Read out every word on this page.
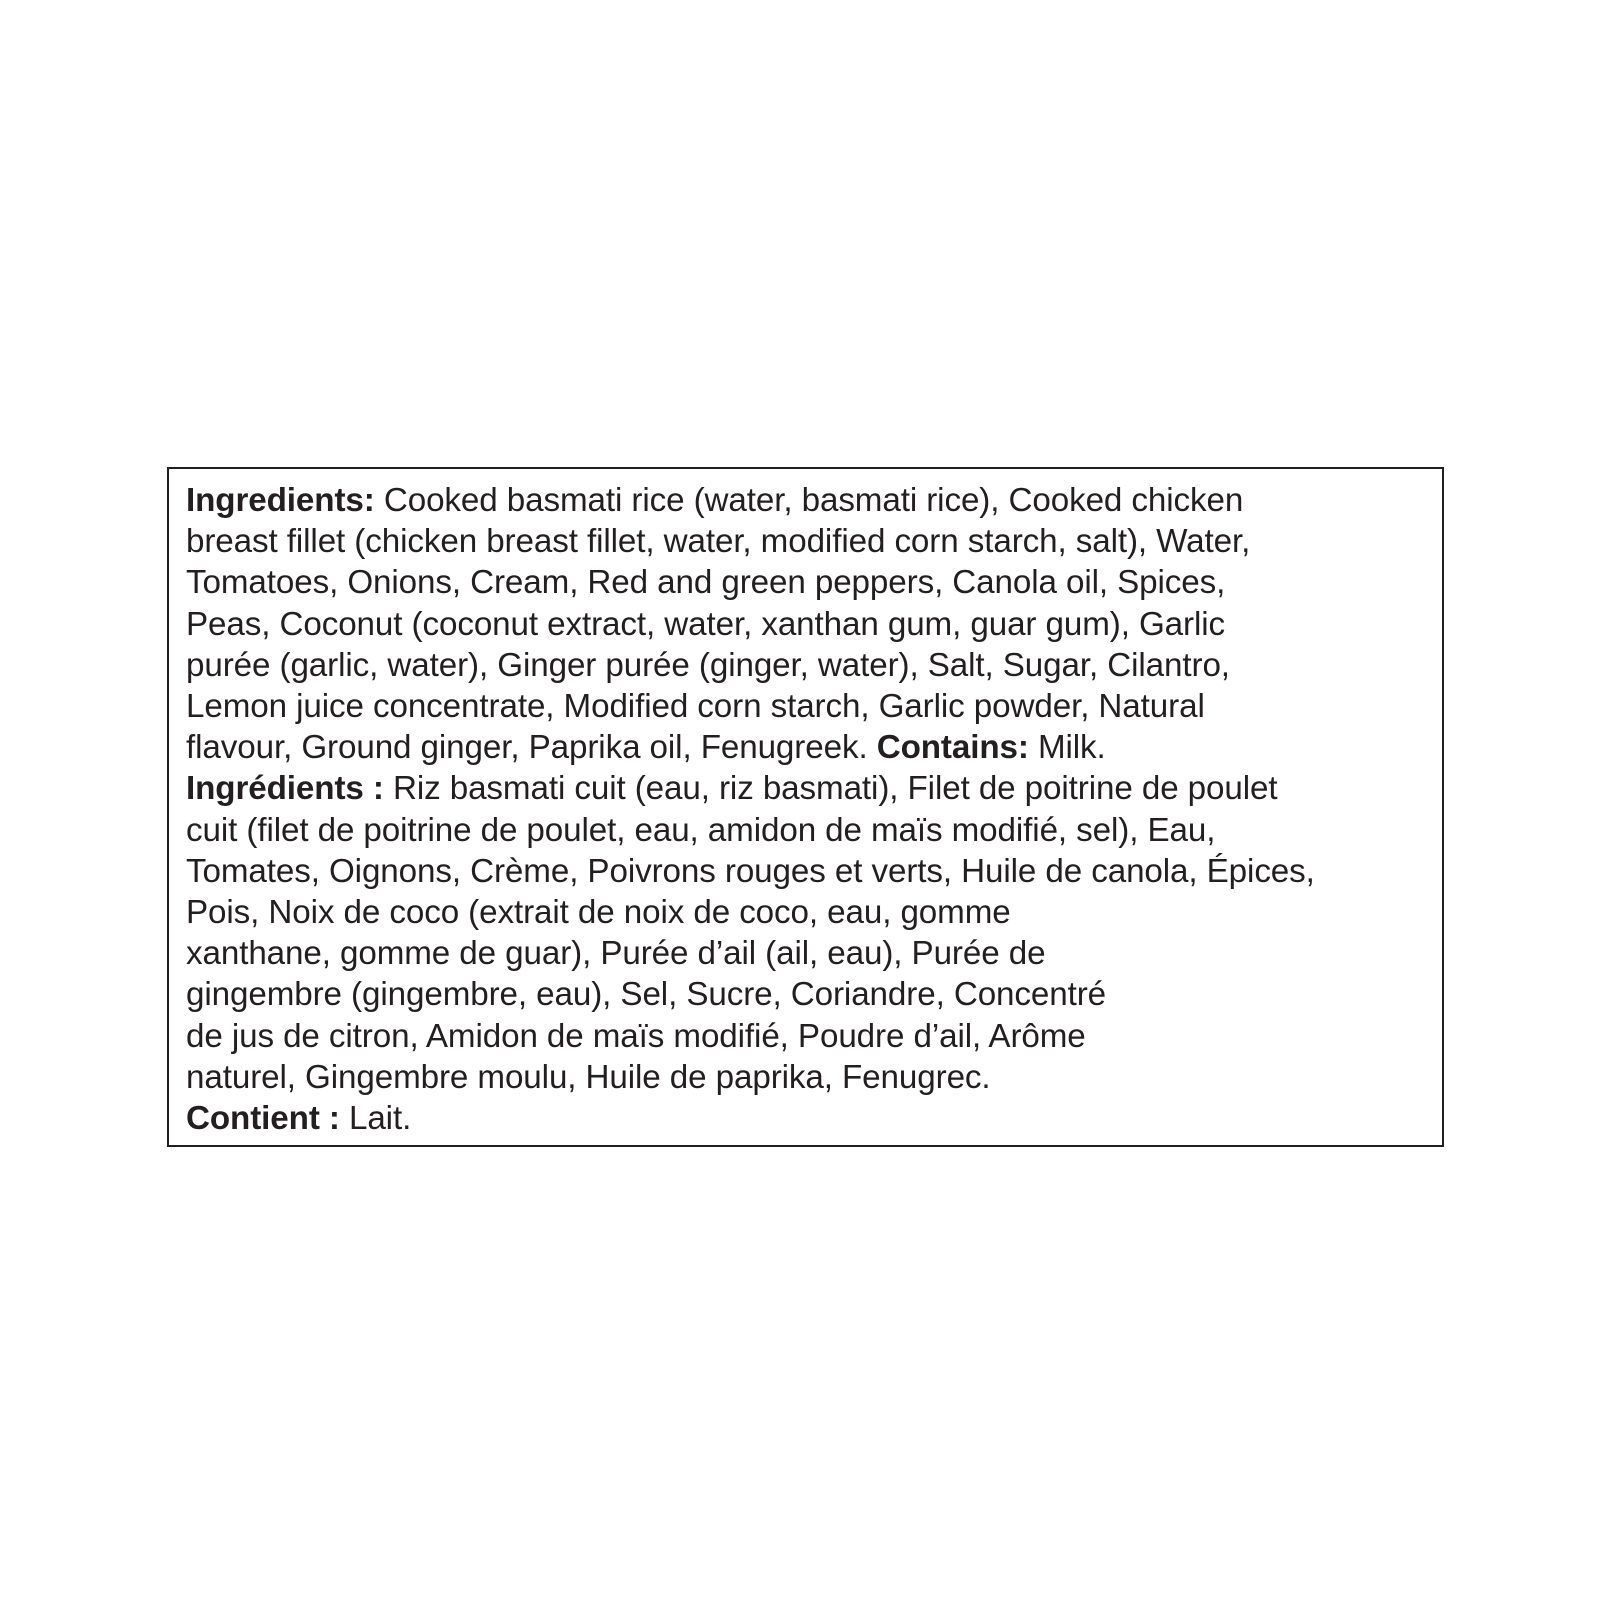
Ingredients: Cooked basmati rice (water, basmati rice), Cooked chicken
breast fillet (chicken breast fillet, water, modified corn starch, salt), Water,
Tomatoes, Onions, Cream, Red and green peppers, Canola oil, Spices,
Peas, Coconut (coconut extract, water, xanthan gum, guar gum), Garlic
purée (garlic, water), Ginger purée (ginger, water), Salt, Sugar, Cilantro,
Lemon juice concentrate, Modified corn starch, Garlic powder, Natural
flavour, Ground ginger, Paprika oil, Fenugreek. Contains: Milk.
Ingrédients : Riz basmati cuit (eau, riz basmati), Filet de poitrine de poulet
cuit (filet de poitrine de poulet, eau, amidon de maïs modifié, sel), Eau,
Tomates, Oignons, Crème, Poivrons rouges et verts, Huile de canola, Épices,
Pois, Noix de coco (extrait de noix de coco, eau, gomme
xanthane, gomme de guar), Purée d’ail (ail, eau), Purée de
gingembre (gingembre, eau), Sel, Sucre, Coriandre, Concentré
de jus de citron, Amidon de maïs modifié, Poudre d’ail, Arôme
naturel, Gingembre moulu, Huile de paprika, Fenugrec.
Contient : Lait.
